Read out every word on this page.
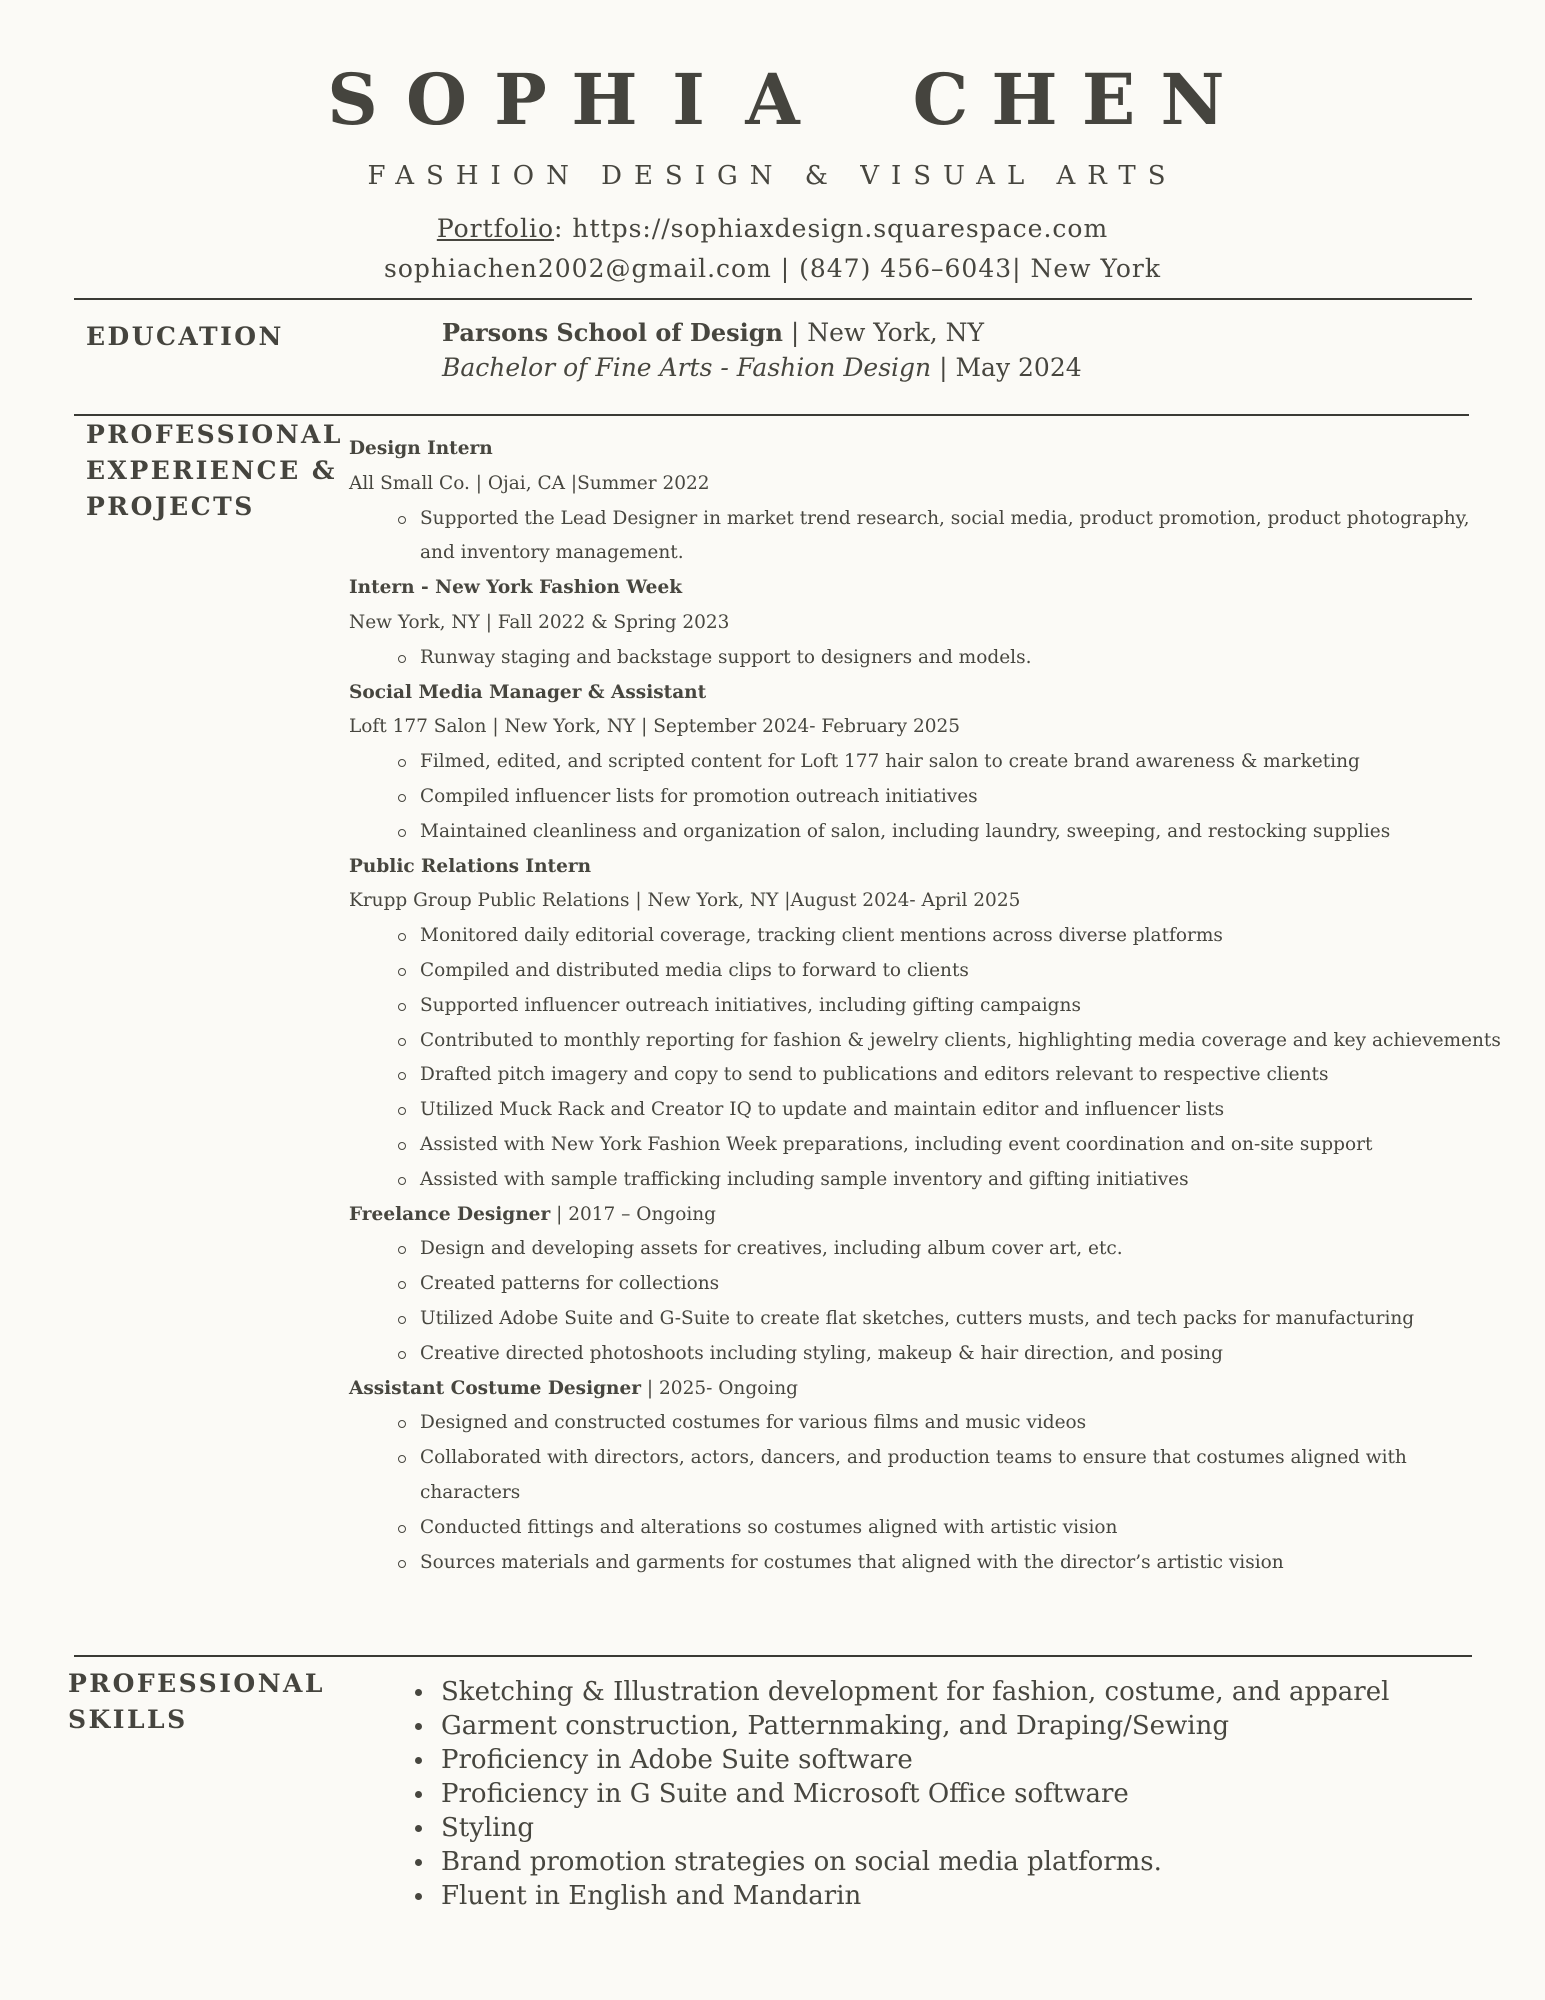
S O P H I A C H E N
FASHION DESIGN & VISUAL ARTS
Portfolio: https://sophiaxdesign.squarespace.com
sophiachen2002@gmail.com | (847) 456–6043| New York
EDUCATION	Parsons School of Design | New York, NY
Bachelor of Fine Arts - Fashion Design | May 2024
PROFESSIONAL
EXPERIENCE &
PROJECTS
Design Intern
All Small Co. | Ojai, CA |Summer 2022
Supported the Lead Designer in market trend research, social media, product promotion, product photography, and inventory management.
Intern - New York Fashion Week
New York, NY | Fall 2022 & Spring 2023
Runway staging and backstage support to designers and models.
Social Media Manager & Assistant
Loft 177 Salon | New York, NY | September 2024- February 2025
Filmed, edited, and scripted content for Loft 177 hair salon to create brand awareness & marketing
Compiled influencer lists for promotion outreach initiatives
Maintained cleanliness and organization of salon, including laundry, sweeping, and restocking supplies
Public Relations Intern
Krupp Group Public Relations | New York, NY |August 2024- April 2025
Monitored daily editorial coverage, tracking client mentions across diverse platforms
Compiled and distributed media clips to forward to clients
Supported influencer outreach initiatives, including gifting campaigns
Contributed to monthly reporting for fashion & jewelry clients, highlighting media coverage and key achievements
Drafted pitch imagery and copy to send to publications and editors relevant to respective clients
Utilized Muck Rack and Creator IQ to update and maintain editor and influencer lists
Assisted with New York Fashion Week preparations, including event coordination and on-site support
Assisted with sample trafficking including sample inventory and gifting initiatives
Freelance Designer | 2017 – Ongoing
Design and developing assets for creatives, including album cover art, etc.
Created patterns for collections
Utilized Adobe Suite and G-Suite to create flat sketches, cutters musts, and tech packs for manufacturing
Creative directed photoshoots including styling, makeup & hair direction, and posing
Assistant Costume Designer | 2025- Ongoing
Designed and constructed costumes for various films and music videos
Collaborated with directors, actors, dancers, and production teams to ensure that costumes aligned with characters
Conducted fittings and alterations so costumes aligned with artistic vision
Sources materials and garments for costumes that aligned with the director’s artistic vision
PROFESSIONAL
SKILLS
Sketching & Illustration development for fashion, costume, and apparel
Garment construction, Patternmaking, and Draping/Sewing
Proficiency in Adobe Suite software
Proficiency in G Suite and Microsoft Office software
Styling
Brand promotion strategies on social media platforms.
Fluent in English and Mandarin
